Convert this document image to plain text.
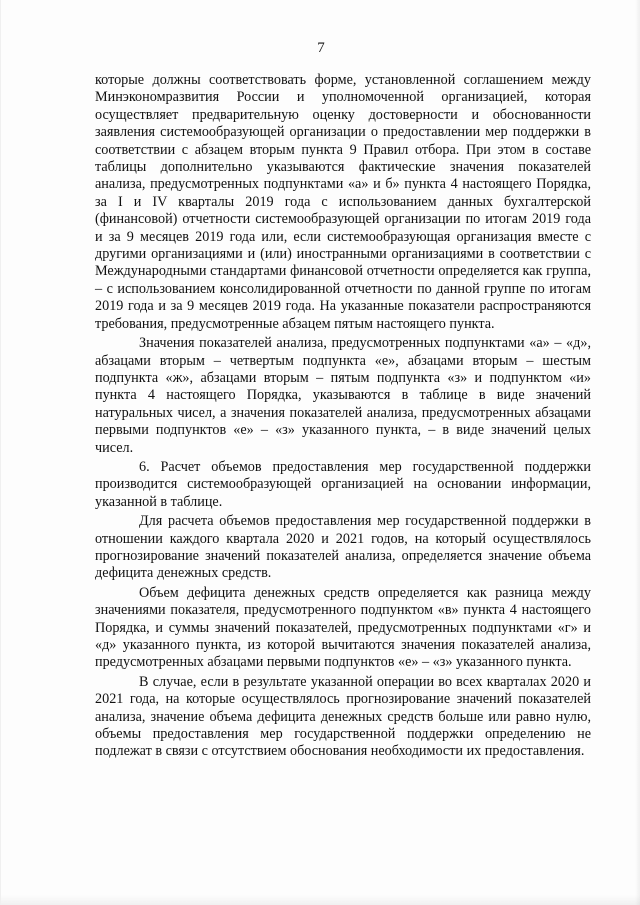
7

которые должны соответствовать форме, установленной соглашением между Минэкономразвития России и уполномоченной организацией, которая осуществляет предварительную оценку достоверности и обоснованности заявления системообразующей организации о предоставлении мер поддержки в соответствии с абзацем вторым пункта 9 Правил отбора. При этом в составе таблицы дополнительно указываются фактические значения показателей анализа, предусмотренных подпунктами «а» и б» пункта 4 настоящего Порядка, за I и IV кварталы 2019 года с использованием данных бухгалтерской (финансовой) отчетности системообразующей организации по итогам 2019 года и за 9 месяцев 2019 года или, если системообразующая организация вместе с другими организациями и (или) иностранными организациями в соответствии с Международными стандартами финансовой отчетности определяется как группа, – с использованием консолидированной отчетности по данной группе по итогам 2019 года и за 9 месяцев 2019 года. На указанные показатели распространяются требования, предусмотренные абзацем пятым настоящего пункта.

Значения показателей анализа, предусмотренных подпунктами «а» – «д», абзацами вторым – четвертым подпункта «е», абзацами вторым – шестым подпункта «ж», абзацами вторым – пятым подпункта «з» и подпунктом «и» пункта 4 настоящего Порядка, указываются в таблице в виде значений натуральных чисел, а значения показателей анализа, предусмотренных абзацами первыми подпунктов «е» – «з» указанного пункта, – в виде значений целых чисел.

6. Расчет объемов предоставления мер государственной поддержки производится системообразующей организацией на основании информации, указанной в таблице.

Для расчета объемов предоставления мер государственной поддержки в отношении каждого квартала 2020 и 2021 годов, на который осуществлялось прогнозирование значений показателей анализа, определяется значение объема дефицита денежных средств.

Объем дефицита денежных средств определяется как разница между значениями показателя, предусмотренного подпунктом «в» пункта 4 настоящего Порядка, и суммы значений показателей, предусмотренных подпунктами «г» и «д» указанного пункта, из которой вычитаются значения показателей анализа, предусмотренных абзацами первыми подпунктов «е» – «з» указанного пункта.

В случае, если в результате указанной операции во всех кварталах 2020 и 2021 года, на которые осуществлялось прогнозирование значений показателей анализа, значение объема дефицита денежных средств больше или равно нулю, объемы предоставления мер государственной поддержки определению не подлежат в связи с отсутствием обоснования необходимости их предоставления.
